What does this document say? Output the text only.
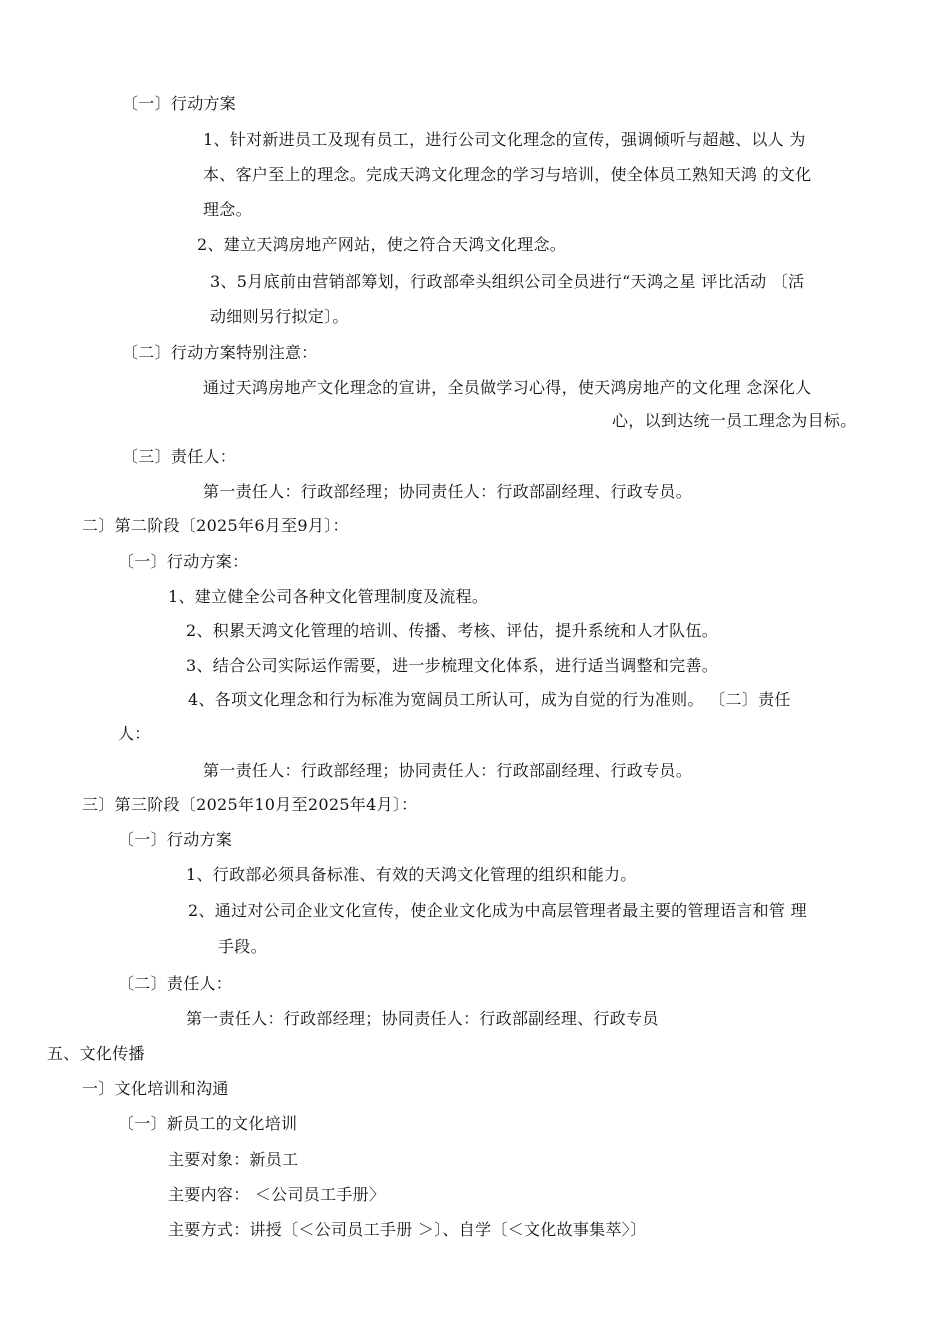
〔一〕行动方案
1、针对新进员工及现有员工，进行公司文化理念的宣传，强调倾听与超越、以人 为
本、客户至上的理念。完成天鸿文化理念的学习与培训，使全体员工熟知天鸿 的文化
理念。
2、建立天鸿房地产网站，使之符合天鸿文化理念。
3、5月底前由营销部筹划，行政部牵头组织公司全员进行“天鸿之星 评比活动 〔活
动细则另行拟定〕。
〔二〕行动方案特别注意：
通过天鸿房地产文化理念的宣讲，全员做学习心得，使天鸿房地产的文化理 念深化人
心，以到达统一员工理念为目标。
〔三〕责任人：
第一责任人：行政部经理；协同责任人：行政部副经理、行政专员。
二〕第二阶段〔2025年6月至9月〕：
〔一〕行动方案：
1、建立健全公司各种文化管理制度及流程。
2、积累天鸿文化管理的培训、传播、考核、评估，提升系统和人才队伍。
3、结合公司实际运作需要，进一步梳理文化体系，进行适当调整和完善。
4、各项文化理念和行为标准为宽阔员工所认可，成为自觉的行为准则。 〔二〕责任
人：
第一责任人：行政部经理；协同责任人：行政部副经理、行政专员。
三〕第三阶段〔2025年10月至2025年4月〕：
〔一〕行动方案
1、行政部必须具备标准、有效的天鸿文化管理的组织和能力。
2、通过对公司企业文化宣传，使企业文化成为中高层管理者最主要的管理语言和管 理
手段。
〔二〕责任人：
第一责任人：行政部经理；协同责任人：行政部副经理、行政专员
五、文化传播
一〕文化培训和沟通
〔一〕新员工的文化培训
主要对象：新员工
主要内容： ＜公司员工手册〉
主要方式：讲授〔＜公司员工手册 ＞〕、自学〔＜文化故事集萃〉〕
